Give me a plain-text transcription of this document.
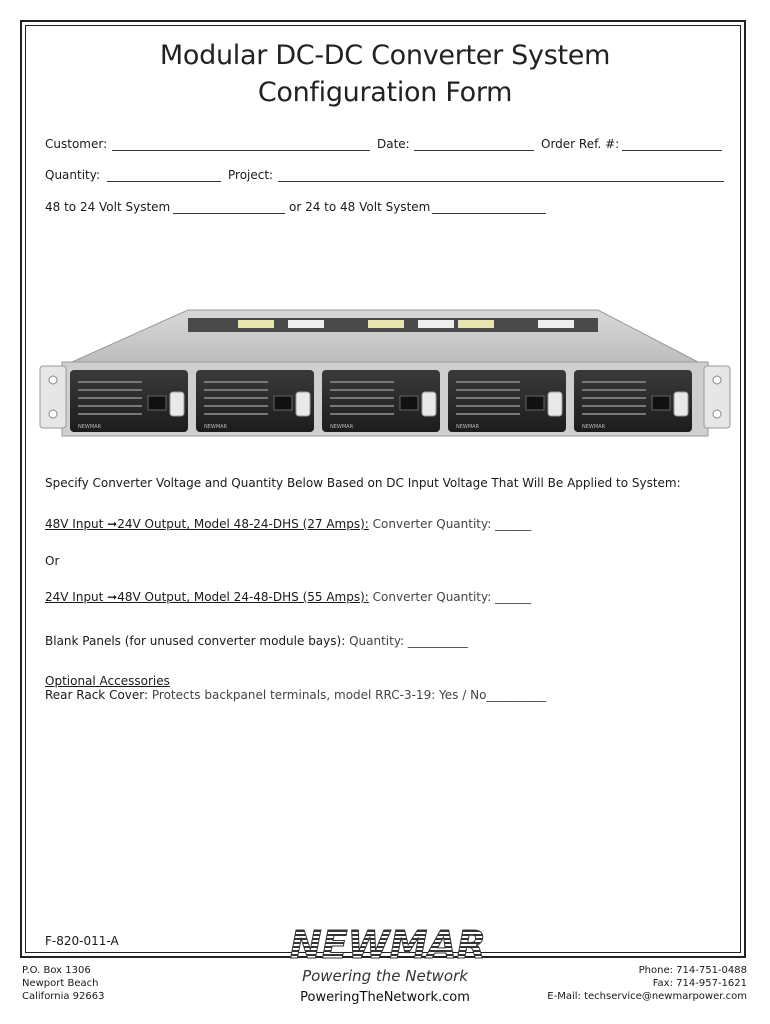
Modular DC-DC Converter System
Configuration Form
Customer:	Date:	Order Ref. #:
Quantity:	Project:
48 to 24 Volt System	or 24 to 48 Volt System
NEWMAR	NEWMAR	NEWMAR	NEWMAR	NEWMAR
Specify Converter Voltage and Quantity Below Based on DC Input Voltage That Will Be Applied to System:
48V Input ➞24V Output, Model 48-24-DHS (27 Amps): Converter Quantity: ______
Or
24V Input ➞48V Output, Model 24-48-DHS (55 Amps): Converter Quantity: ______
Blank Panels (for unused converter module bays): Quantity: __________
Optional Accessories
Rear Rack Cover: Protects backpanel terminals, model RRC-3-19: Yes / No__________
F-820-011-A
P.O. Box 1306
Newport Beach
California 92663
NEWMAR
Powering the Network
PoweringTheNetwork.com
Phone: 714-751-0488
Fax: 714-957-1621
E-Mail: techservice@newmarpower.com
